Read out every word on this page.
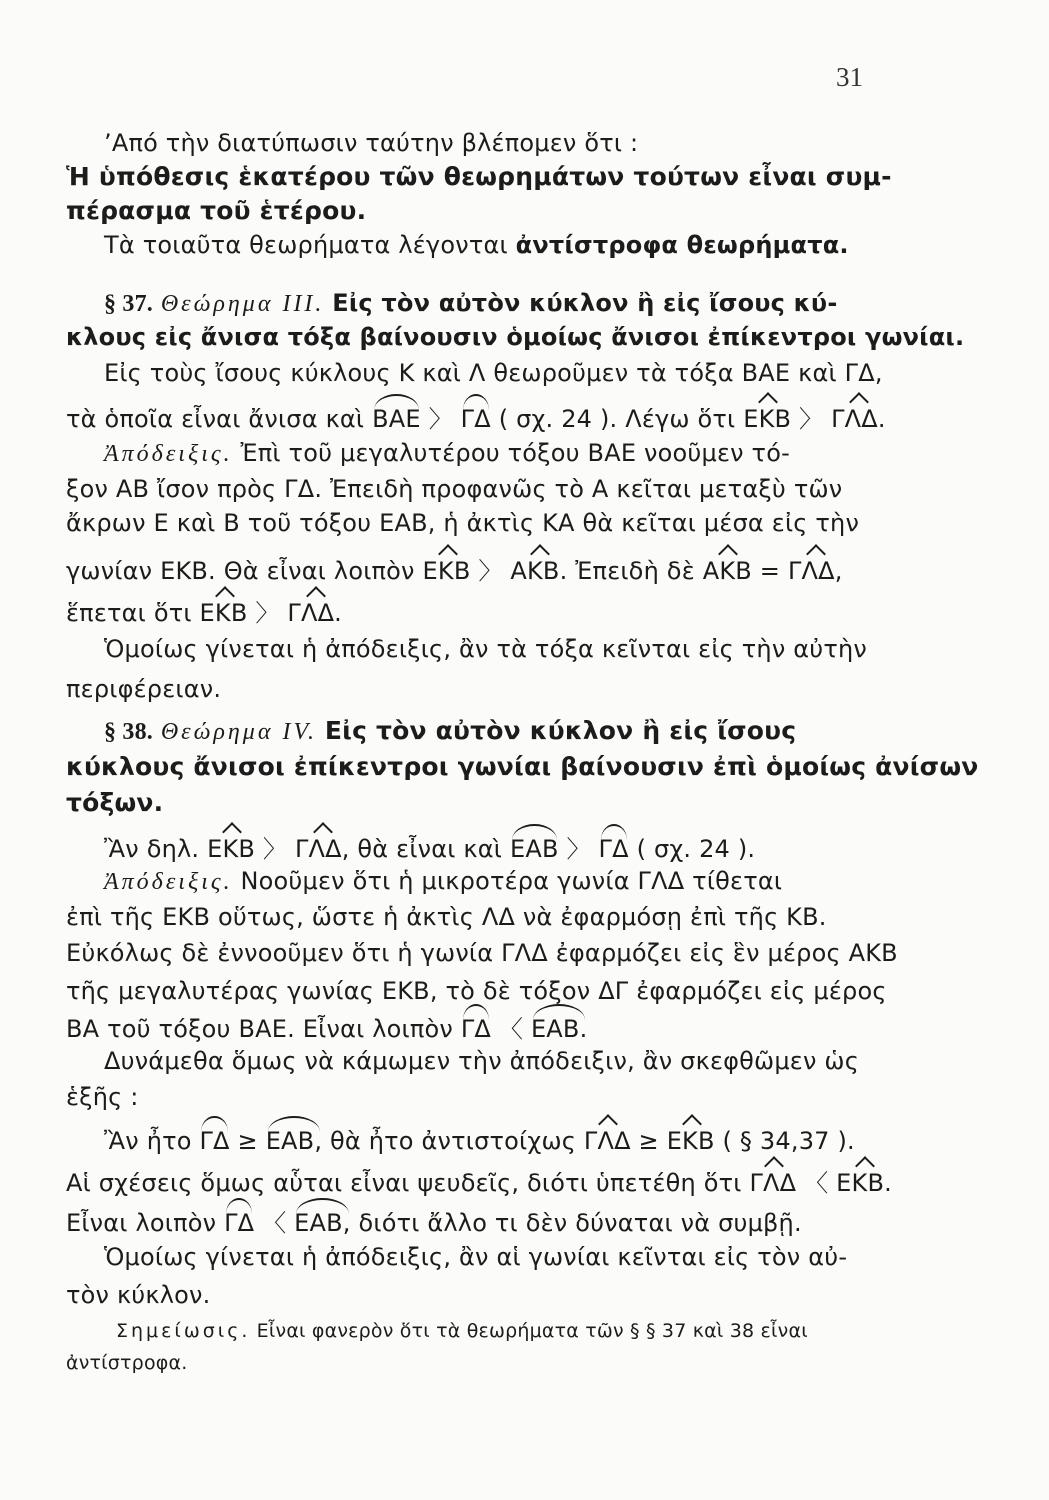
31
’Από τὴν διατύπωσιν ταύτην βλέπομεν ὅτι :
Ἡ ὑπόθεσις ἑκατέρου τῶν θεωρημάτων τούτων εἶναι συμ-
πέρασμα τοῦ ἑτέρου.
Τὰ τοιαῦτα θεωρήματα λέγονται ἀντίστροφα θεωρήματα.
§ 37. Θεώρημα III. Εἰς τὸν αὐτὸν κύκλον ἢ εἰς ἴσους κύ-
κλους εἰς ἄνισα τόξα βαίνουσιν ὁμοίως ἄνισοι ἐπίκεντροι γωνίαι.
Εἰς τοὺς ἴσους κύκλους Κ καὶ Λ θεωροῦμεν τὰ τόξα ΒΑΕ καὶ ΓΔ,
τὰ ὁποῖα εἶναι ἄνισα καὶ ΒΑΕ 〉 ΓΔ ( σχ. 24 ). Λέγω ὅτι ΕΚΒ 〉 ΓΛΔ.
Ἀπόδειξις. Ἐπὶ τοῦ μεγαλυτέρου τόξου ΒΑΕ νοοῦμεν τό-
ξον ΑΒ ἴσον πρὸς ΓΔ. Ἐπειδὴ προφανῶς τὸ Α κεῖται μεταξὺ τῶν
ἄκρων Ε καὶ Β τοῦ τόξου ΕΑΒ, ἡ ἀκτὶς ΚΑ θὰ κεῖται μέσα εἰς τὴν
γωνίαν ΕΚΒ. Θὰ εἶναι λοιπὸν ΕΚΒ 〉 ΑΚΒ. Ἐπειδὴ δὲ ΑΚΒ = ΓΛΔ,
ἕπεται ὅτι ΕΚΒ 〉 ΓΛΔ.
Ὁμοίως γίνεται ἡ ἀπόδειξις, ἂν τὰ τόξα κεῖνται εἰς τὴν αὐτὴν
περιφέρειαν.
§ 38. Θεώρημα IV. Εἰς τὸν αὐτὸν κύκλον ἢ εἰς ἴσους
κύκλους ἄνισοι ἐπίκεντροι γωνίαι βαίνουσιν ἐπὶ ὁμοίως ἀνίσων
τόξων.
Ἂν δηλ. ΕΚΒ 〉 ΓΛΔ, θὰ εἶναι καὶ ΕΑΒ 〉 ΓΔ ( σχ. 24 ).
Ἀπόδειξις. Νοοῦμεν ὅτι ἡ μικροτέρα γωνία ΓΛΔ τίθεται
ἐπὶ τῆς ΕΚΒ οὕτως, ὥστε ἡ ἀκτὶς ΛΔ νὰ ἐφαρμόσῃ ἐπὶ τῆς ΚΒ.
Εὐκόλως δὲ ἐννοοῦμεν ὅτι ἡ γωνία ΓΛΔ ἐφαρμόζει εἰς ἓν μέρος ΑΚΒ
τῆς μεγαλυτέρας γωνίας ΕΚΒ, τὸ δὲ τόξον ΔΓ ἐφαρμόζει εἰς μέρος
ΒΑ τοῦ τόξου ΒΑΕ. Εἶναι λοιπὸν ΓΔ 〈 ΕΑΒ.
Δυνάμεθα ὅμως νὰ κάμωμεν τὴν ἀπόδειξιν, ἂν σκεφθῶμεν ὡς
ἑξῆς :
Ἂν ἦτο ΓΔ ≥ ΕΑΒ, θὰ ἦτο ἀντιστοίχως ΓΛΔ ≥ ΕΚΒ ( § 34,37 ).
Αἱ σχέσεις ὅμως αὗται εἶναι ψευδεῖς, διότι ὑπετέθη ὅτι ΓΛΔ 〈 ΕΚΒ.
Εἶναι λοιπὸν ΓΔ 〈 ΕΑΒ, διότι ἄλλο τι δὲν δύναται νὰ συμβῇ.
Ὁμοίως γίνεται ἡ ἀπόδειξις, ἂν αἱ γωνίαι κεῖνται εἰς τὸν αὐ-
τὸν κύκλον.
Σημείωσις. Εἶναι φανερὸν ὅτι τὰ θεωρήματα τῶν § § 37 καὶ 38 εἶναι
ἀντίστροφα.
